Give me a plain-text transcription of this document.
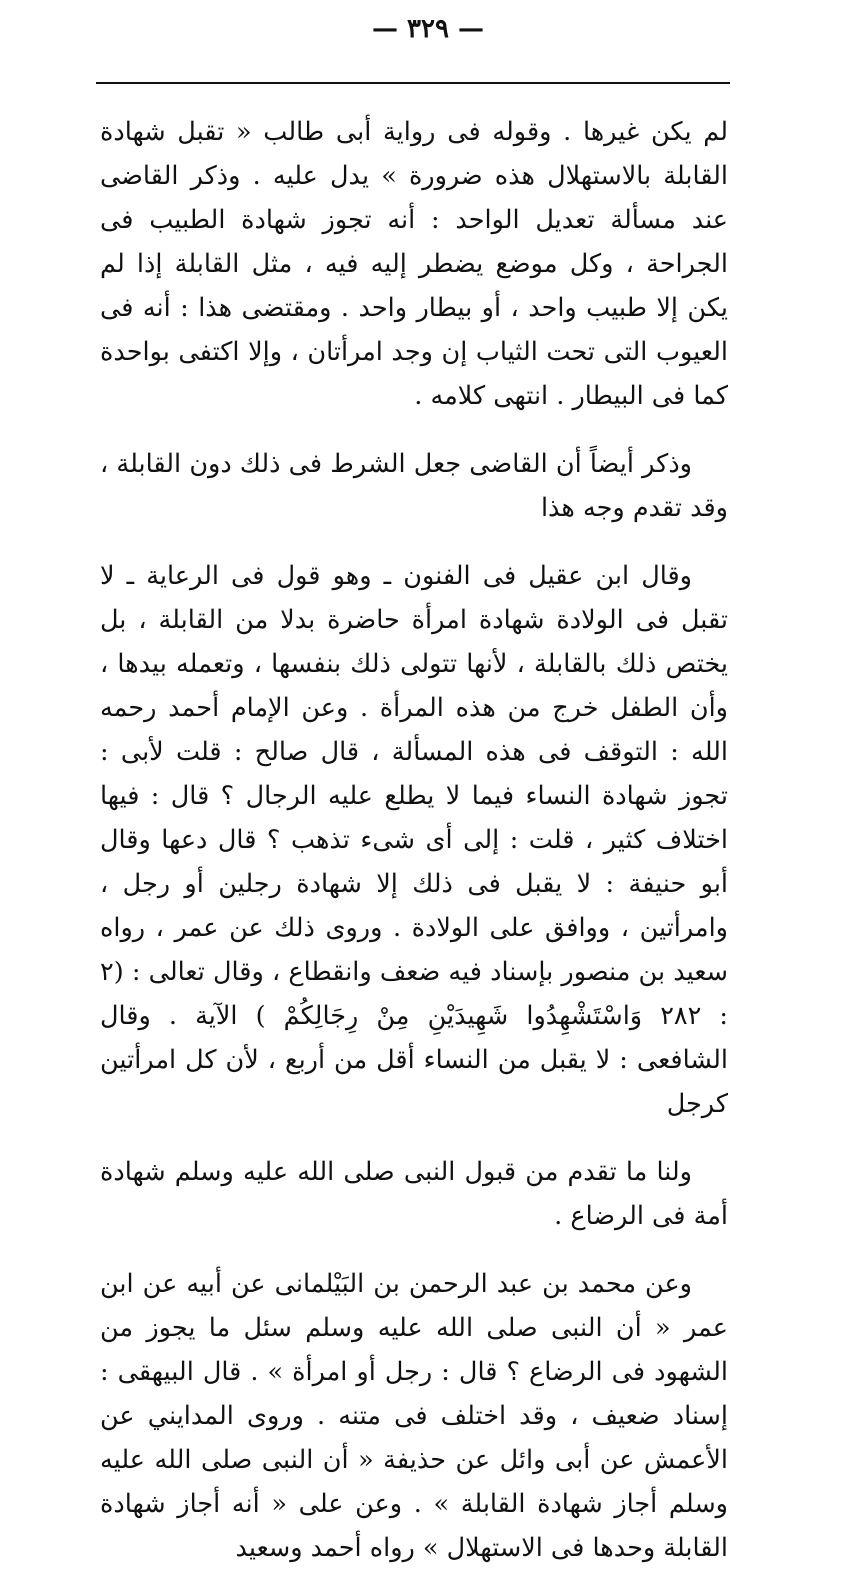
— ٣٢٩ —

لم يكن غيرها . وقوله فى رواية أبى طالب « تقبل شهادة القابلة بالاستهلال هذه ضرورة » يدل عليه . وذكر القاضى عند مسألة تعديل الواحد : أنه تجوز شهادة الطبيب فى الجراحة ، وكل موضع يضطر إليه فيه ، مثل القابلة إذا لم يكن إلا طبيب واحد ، أو بيطار واحد . ومقتضى هذا : أنه فى العيوب التى تحت الثياب إن وجد امرأتان ، وإلا اكتفى بواحدة كما فى البيطار . انتهى كلامه .

وذكر أيضاً أن القاضى جعل الشرط فى ذلك دون القابلة ، وقد تقدم وجه هذا

وقال ابن عقيل فى الفنون ـ وهو قول فى الرعاية ـ لا تقبل فى الولادة شهادة امرأة حاضرة بدلا من القابلة ، بل يختص ذلك بالقابلة ، لأنها تتولى ذلك بنفسها ، وتعمله بيدها ، وأن الطفل خرج من هذه المرأة . وعن الإمام أحمد رحمه الله : التوقف فى هذه المسألة ، قال صالح : قلت لأبى : تجوز شهادة النساء فيما لا يطلع عليه الرجال ؟ قال : فيها اختلاف كثير ، قلت : إلى أى شىء تذهب ؟ قال دعها وقال أبو حنيفة : لا يقبل فى ذلك إلا شهادة رجلين أو رجل ، وامرأتين ، ووافق على الولادة . وروى ذلك عن عمر ، رواه سعيد بن منصور بإسناد فيه ضعف وانقطاع ، وقال تعالى : (٢ : ٢٨٢ وَاسْتَشْهِدُوا شَهِيدَيْنِ مِنْ رِجَالِكُمْ ) الآية . وقال الشافعى : لا يقبل من النساء أقل من أربع ، لأن كل امرأتين كرجل

ولنا ما تقدم من قبول النبى صلى الله عليه وسلم شهادة أمة فى الرضاع .

وعن محمد بن عبد الرحمن بن البَيْلمانى عن أبيه عن ابن عمر « أن النبى صلى الله عليه وسلم سئل ما يجوز من الشهود فى الرضاع ؟ قال : رجل أو امرأة » . قال البيهقى : إسناد ضعيف ، وقد اختلف فى متنه . وروى المدايني عن الأعمش عن أبى وائل عن حذيفة « أن النبى صلى الله عليه وسلم أجاز شهادة القابلة » . وعن على « أنه أجاز شهادة القابلة وحدها فى الاستهلال » رواه أحمد وسعيد
